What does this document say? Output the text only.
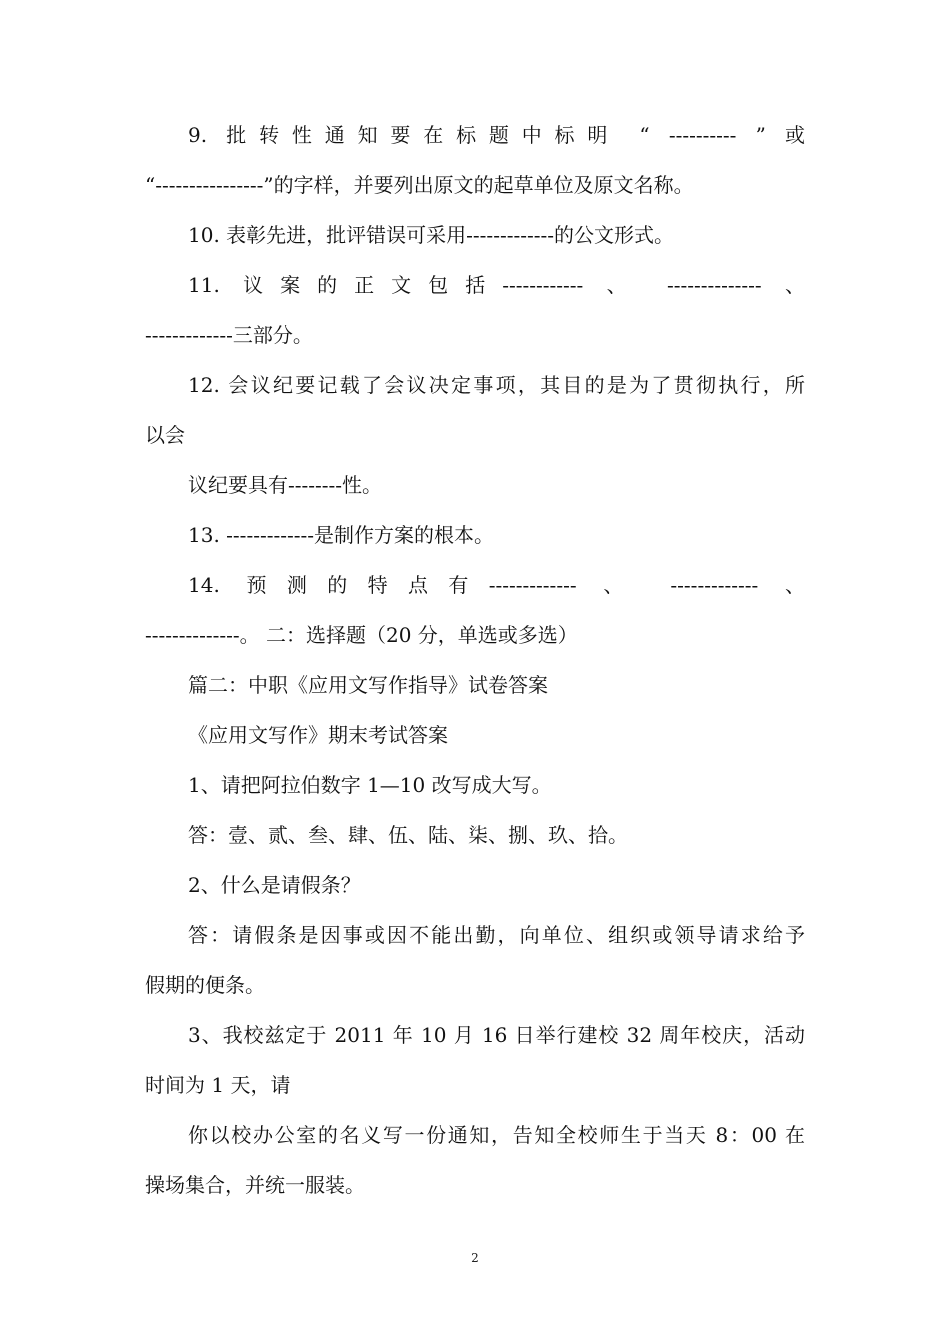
9. 批转性通知要在标题中标明 “ ---------- ” 或
“----------------”的字样，并要列出原文的起草单位及原文名称。
10. 表彰先进，批评错误可采用-------------的公文形式。
11. 议案的正文包括------------ 、 -------------- 、
-------------三部分。
12. 会议纪要记载了会议决定事项，其目的是为了贯彻执行，所
以会
议纪要具有--------性。
13. -------------是制作方案的根本。
14. 预测的特点有------------- 、 ------------- 、
--------------。 二：选择题（20 分，单选或多选）
篇二：中职《应用文写作指导》试卷答案
《应用文写作》期末考试答案
1、请把阿拉伯数字 1—10 改写成大写。
答：壹、贰、叁、肆、伍、陆、柒、捌、玖、拾。
2、什么是请假条？
答：请假条是因事或因不能出勤，向单位、组织或领导请求给予
假期的便条。
3、我校兹定于 2011 年 10 月 16 日举行建校 32 周年校庆，活动
时间为 1 天，请
你以校办公室的名义写一份通知，告知全校师生于当天 8：00 在
操场集合，并统一服装。
2
